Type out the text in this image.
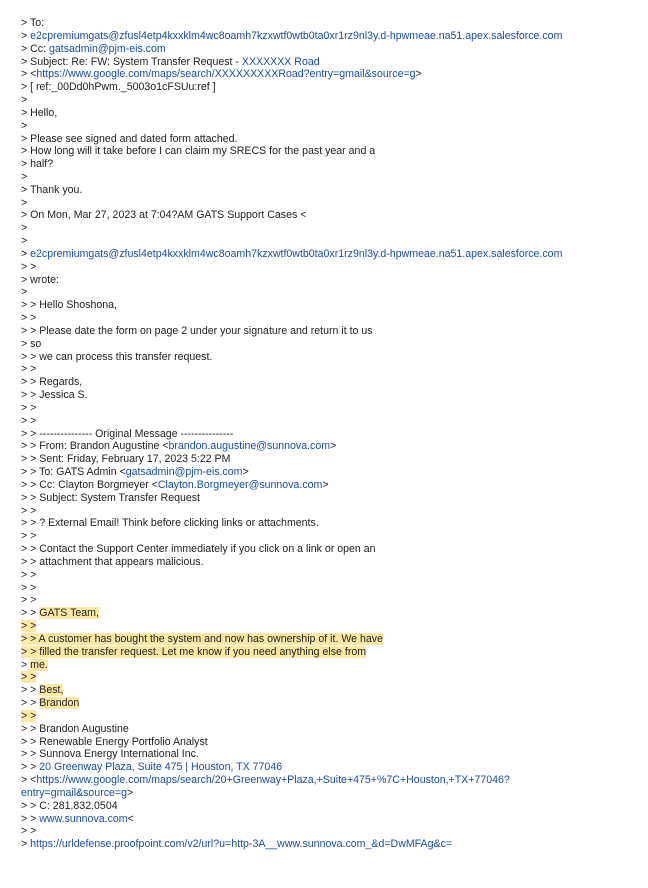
> To:
> e2cpremiumgats@zfusl4etp4kxxklm4wc8oamh7kzxwtf0wtb0ta0xr1rz9nl3y.d-hpwmeae.na51.apex.salesforce.com
> Cc: gatsadmin@pjm-eis.com
> Subject: Re: FW: System Transfer Request - XXXXXXX Road
> <https://www.google.com/maps/search/XXXXXXXXXRoad?entry=gmail&source=g>
> [ ref:_00Dd0hPwm._5003o1cFSUu:ref ]
>
> Hello,
>
> Please see signed and dated form attached.
> How long will it take before I can claim my SRECS for the past year and a
> half?
>
> Thank you.
>
> On Mon, Mar 27, 2023 at 7:04?AM GATS Support Cases <
>
>
> e2cpremiumgats@zfusl4etp4kxxklm4wc8oamh7kzxwtf0wtb0ta0xr1rz9nl3y.d-hpwmeae.na51.apex.salesforce.com
> >
> wrote:
>
> > Hello Shoshona,
> >
> > Please date the form on page 2 under your signature and return it to us
> so
> > we can process this transfer request.
> >
> > Regards,
> > Jessica S.
> >
> >
> > --------------- Original Message ---------------
> > From: Brandon Augustine <brandon.augustine@sunnova.com>
> > Sent: Friday, February 17, 2023 5:22 PM
> > To: GATS Admin <gatsadmin@pjm-eis.com>
> > Cc: Clayton Borgmeyer <Clayton.Borgmeyer@sunnova.com>
> > Subject: System Transfer Request
> >
> > ? External Email! Think before clicking links or attachments.
> >
> > Contact the Support Center immediately if you click on a link or open an
> > attachment that appears malicious.
> >
> >
> >
> > GATS Team,
> >
> > A customer has bought the system and now has ownership of it. We have
> > filled the transfer request. Let me know if you need anything else from
> me.
> >
> > Best,
> > Brandon
> >
> > Brandon Augustine
> > Renewable Energy Portfolio Analyst
> > Sunnova Energy International Inc.
> > 20 Greenway Plaza, Suite 475 | Houston, TX 77046
> <https://www.google.com/maps/search/20+Greenway+Plaza,+Suite+475+%7C+Houston,+TX+77046?
entry=gmail&source=g>
> > C: 281.832.0504
> > www.sunnova.com<
> >
> https://urldefense.proofpoint.com/v2/url?u=http-3A__www.sunnova.com_&d=DwMFAg&c=
